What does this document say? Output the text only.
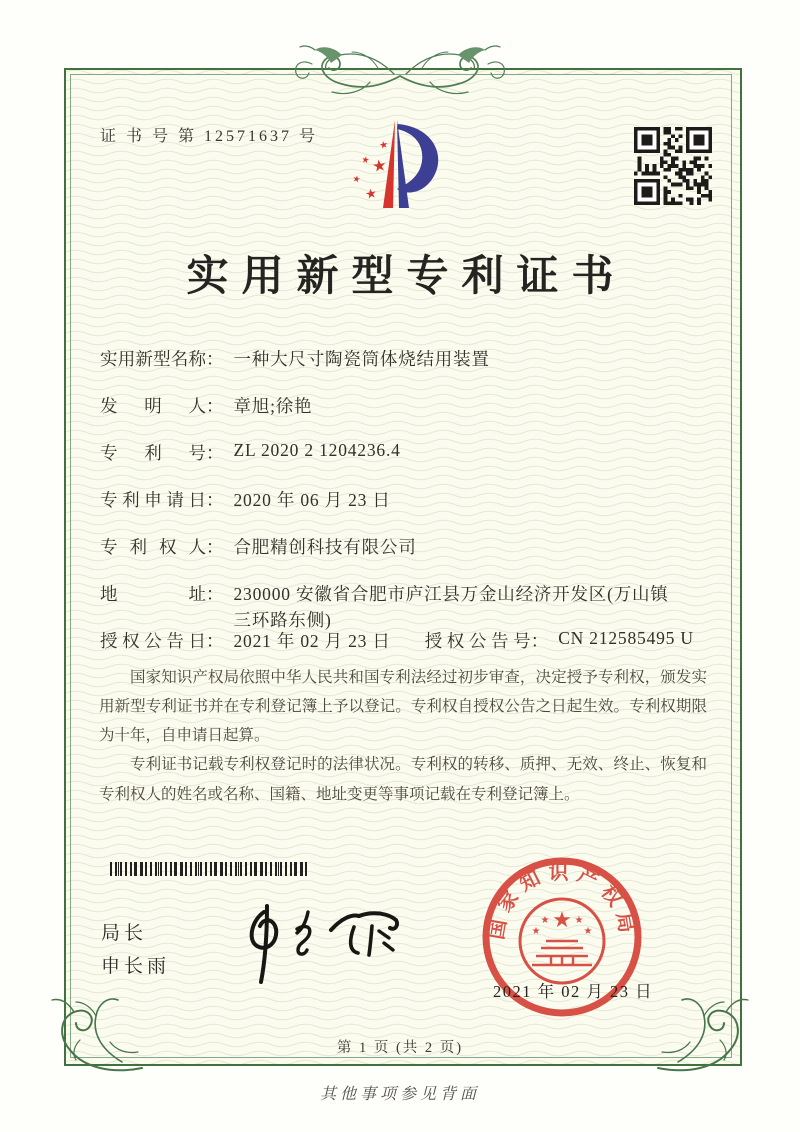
证 书 号 第 12571637 号
★
★ ★
★
★
实用新型专利证书
实用新型名称： 一种大尺寸陶瓷筒体烧结用装置
发明人： 章旭;徐艳
专利号： ZL 2020 2 1204236.4
专利申请日： 2020 年 06 月 23 日
专利权人： 合肥精创科技有限公司
地址： 230000 安徽省合肥市庐江县万金山经济开发区(万山镇三环路东侧)
授权公告日： 2021 年 02 月 23 日 授权公告号： CN 212585495 U

国家知识产权局依照中华人民共和国专利法经过初步审查，决定授予专利权，颁发实用新型专利证书并在专利登记簿上予以登记。专利权自授权公告之日起生效。专利权期限为十年，自申请日起算。

专利证书记载专利权登记时的法律状况。专利权的转移、质押、无效、终止、恢复和专利权人的姓名或名称、国籍、地址变更等事项记载在专利登记簿上。

局长
申长雨
国家知识产权局
★
★	★
★	★
2021 年 02 月 23 日
第 1 页 (共 2 页)
其他事项参见背面
